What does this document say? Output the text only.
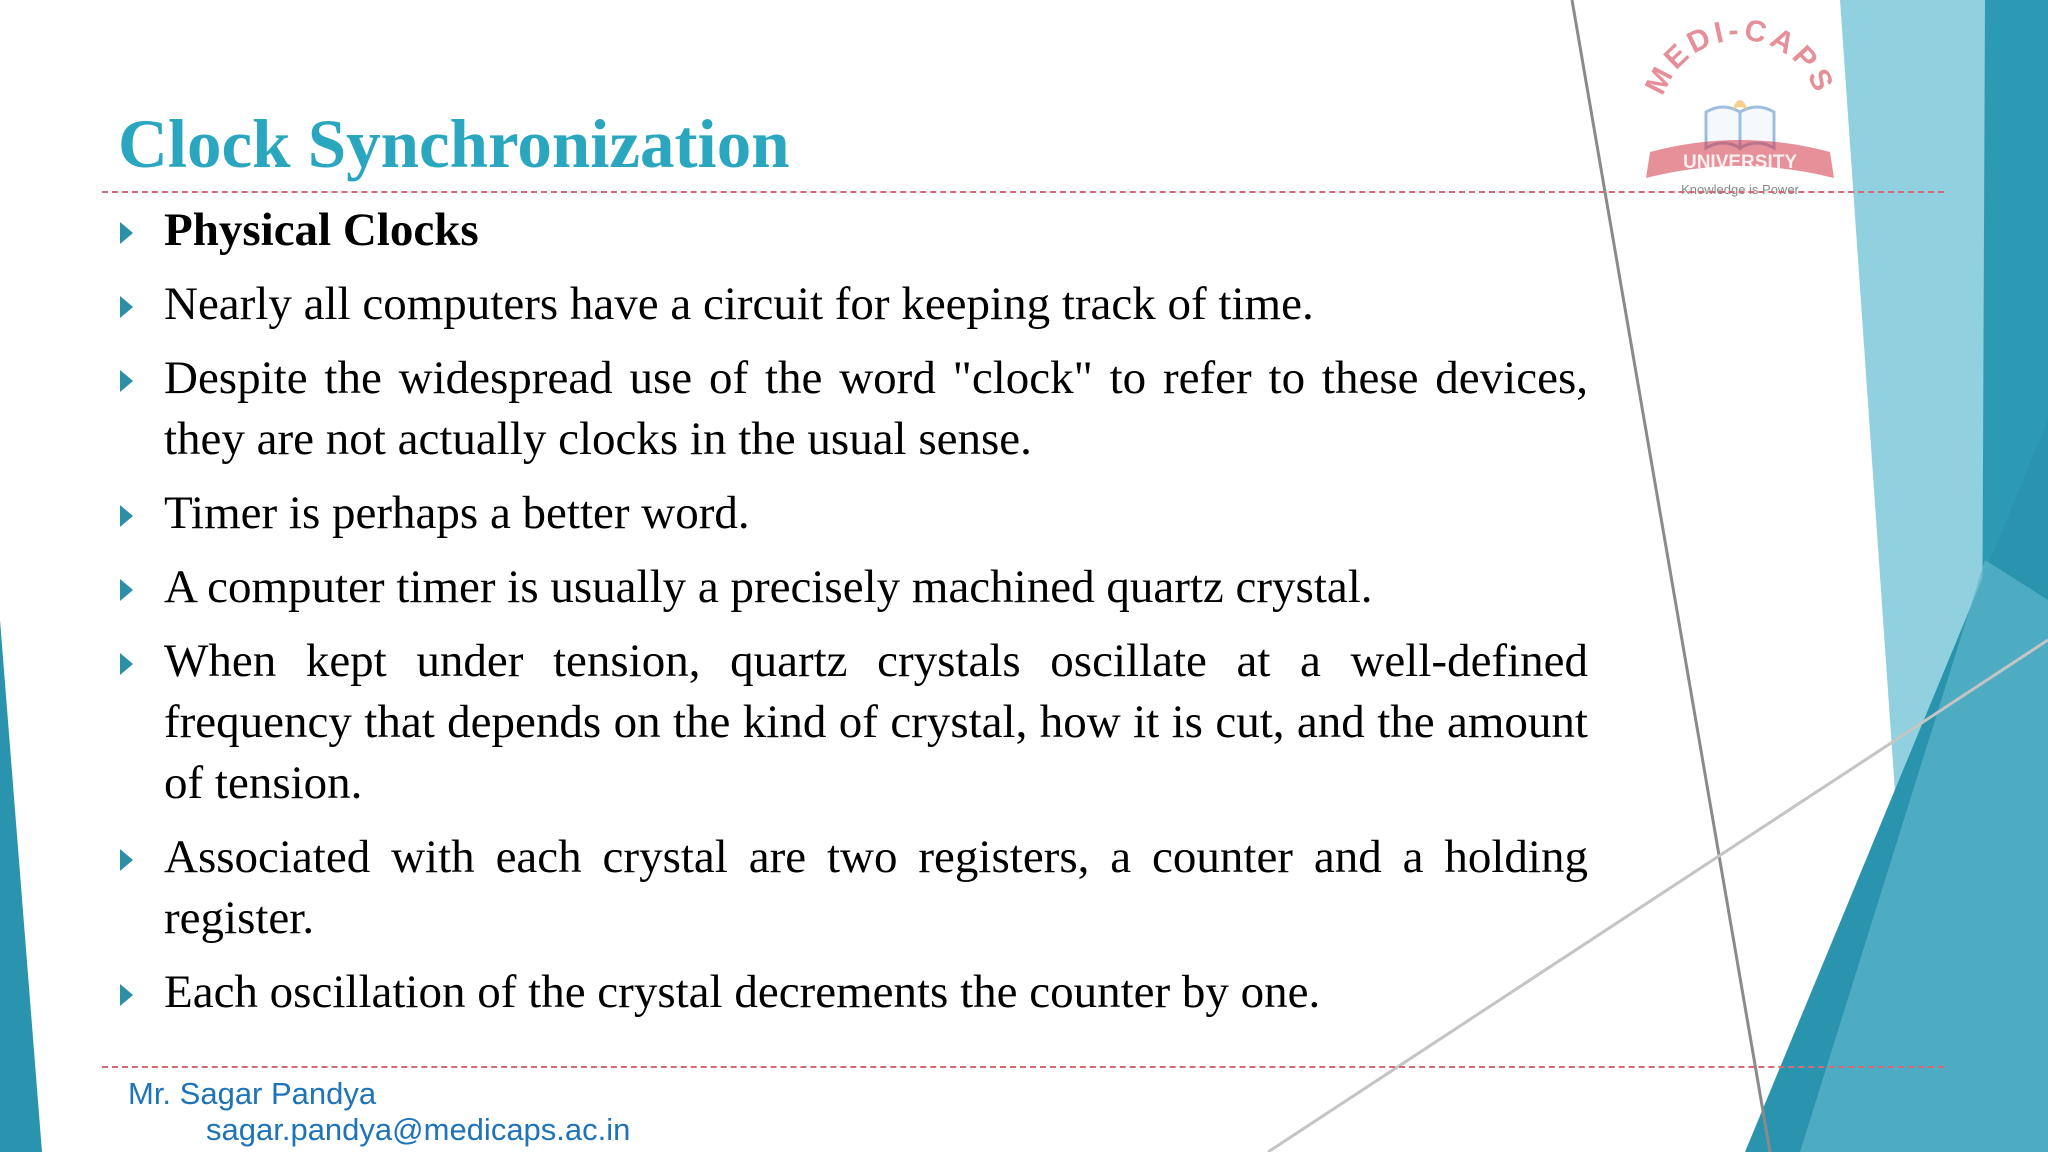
MEDI-CAPS
UNIVERSITY
Knowledge is Power
Clock Synchronization
Physical Clocks
Nearly all computers have a circuit for keeping track of time.
Despite the widespread use of the word "clock" to refer to these devices, they are not actually clocks in the usual sense.
Timer is perhaps a better word.
A computer timer is usually a precisely machined quartz crystal.
When kept under tension, quartz crystals oscillate at a well-defined frequency that depends on the kind of crystal, how it is cut, and the amount of tension.
Associated with each crystal are two registers, a counter and a holding register.
Each oscillation of the crystal decrements the counter by one.
Mr. Sagar Pandya
sagar.pandya@medicaps.ac.in
